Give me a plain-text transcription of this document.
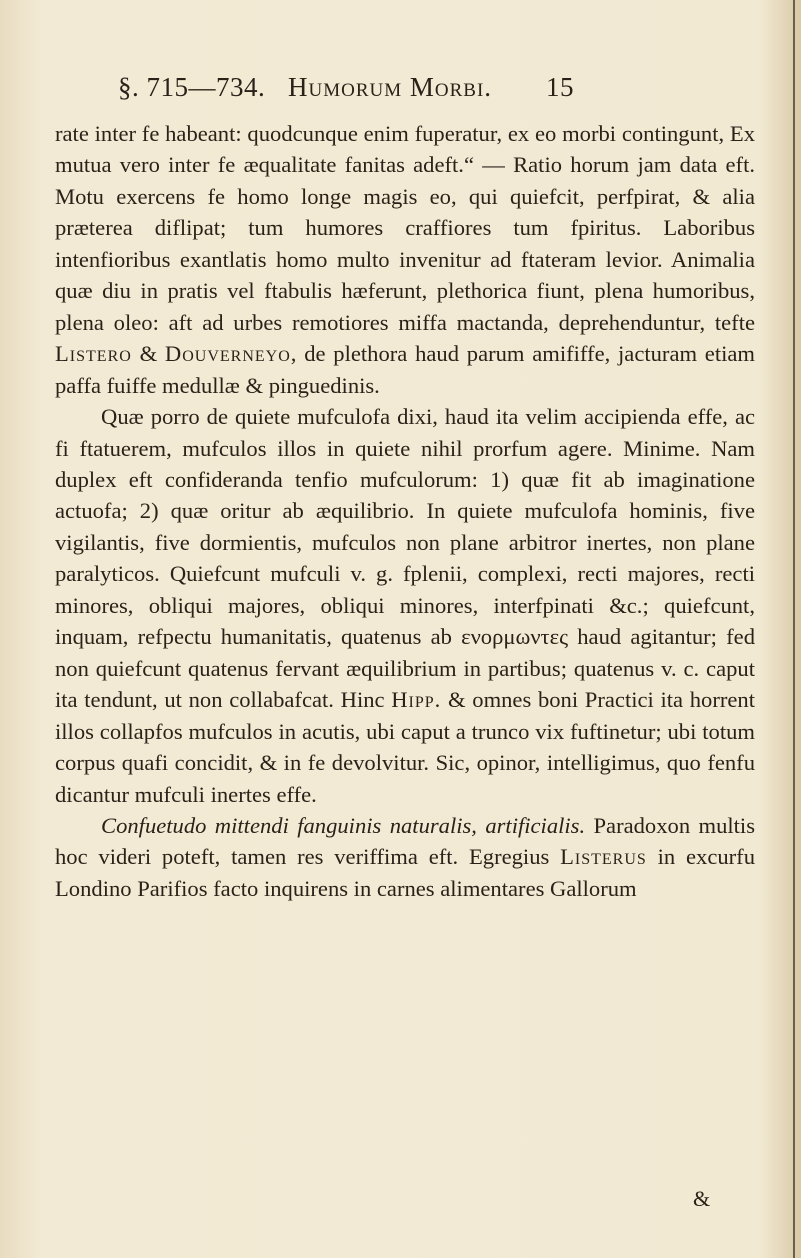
§. 715—734. Humorum Morbi. 15

rate inter fe habeant: quodcunque enim fuperatur, ex eo morbi contingunt, Ex mutua vero inter fe æqualitate fanitas adeft.“ — Ratio horum jam data eft. Motu exercens fe homo longe magis eo, qui quiefcit, perfpirat, & alia præterea diflipat; tum humores craffiores tum fpiritus. Laboribus intenfioribus exantlatis homo multo invenitur ad ftateram levior. Animalia quæ diu in pratis vel ftabulis hæferunt, plethorica fiunt, plena humoribus, plena oleo: aft ad urbes remotiores miffa mactanda, deprehenduntur, tefte Listero & Douverneyo, de plethora haud parum amififfe, jacturam etiam paffa fuiffe medullæ & pinguedinis.

Quæ porro de quiete mufculofa dixi, haud ita velim accipienda effe, ac fi ftatuerem, mufculos illos in quiete nihil prorfum agere. Minime. Nam duplex eft confideranda tenfio mufculorum: 1) quæ fit ab imaginatione actuofa; 2) quæ oritur ab æquilibrio. In quiete mufculofa hominis, five vigilantis, five dormientis, mufculos non plane arbitror inertes, non plane paralyticos. Quiefcunt mufculi v. g. fplenii, complexi, recti majores, recti minores, obliqui majores, obliqui minores, interfpinati &c.; quiefcunt, inquam, refpectu humanitatis, quatenus ab ενορμωντες haud agitantur; fed non quiefcunt quatenus fervant æquilibrium in partibus; quatenus v. c. caput ita tendunt, ut non collabafcat. Hinc Hipp. & omnes boni Practici ita horrent illos collapfos mufculos in acutis, ubi caput a trunco vix fuftinetur; ubi totum corpus quafi concidit, & in fe devolvitur. Sic, opinor, intelligimus, quo fenfu dicantur mufculi inertes effe.

Confuetudo mittendi fanguinis naturalis, artificialis. Paradoxon multis hoc videri poteft, tamen res veriffima eft. Egregius Listerus in excurfu Londino Parifios facto inquirens in carnes alimentares Gallorum

&
